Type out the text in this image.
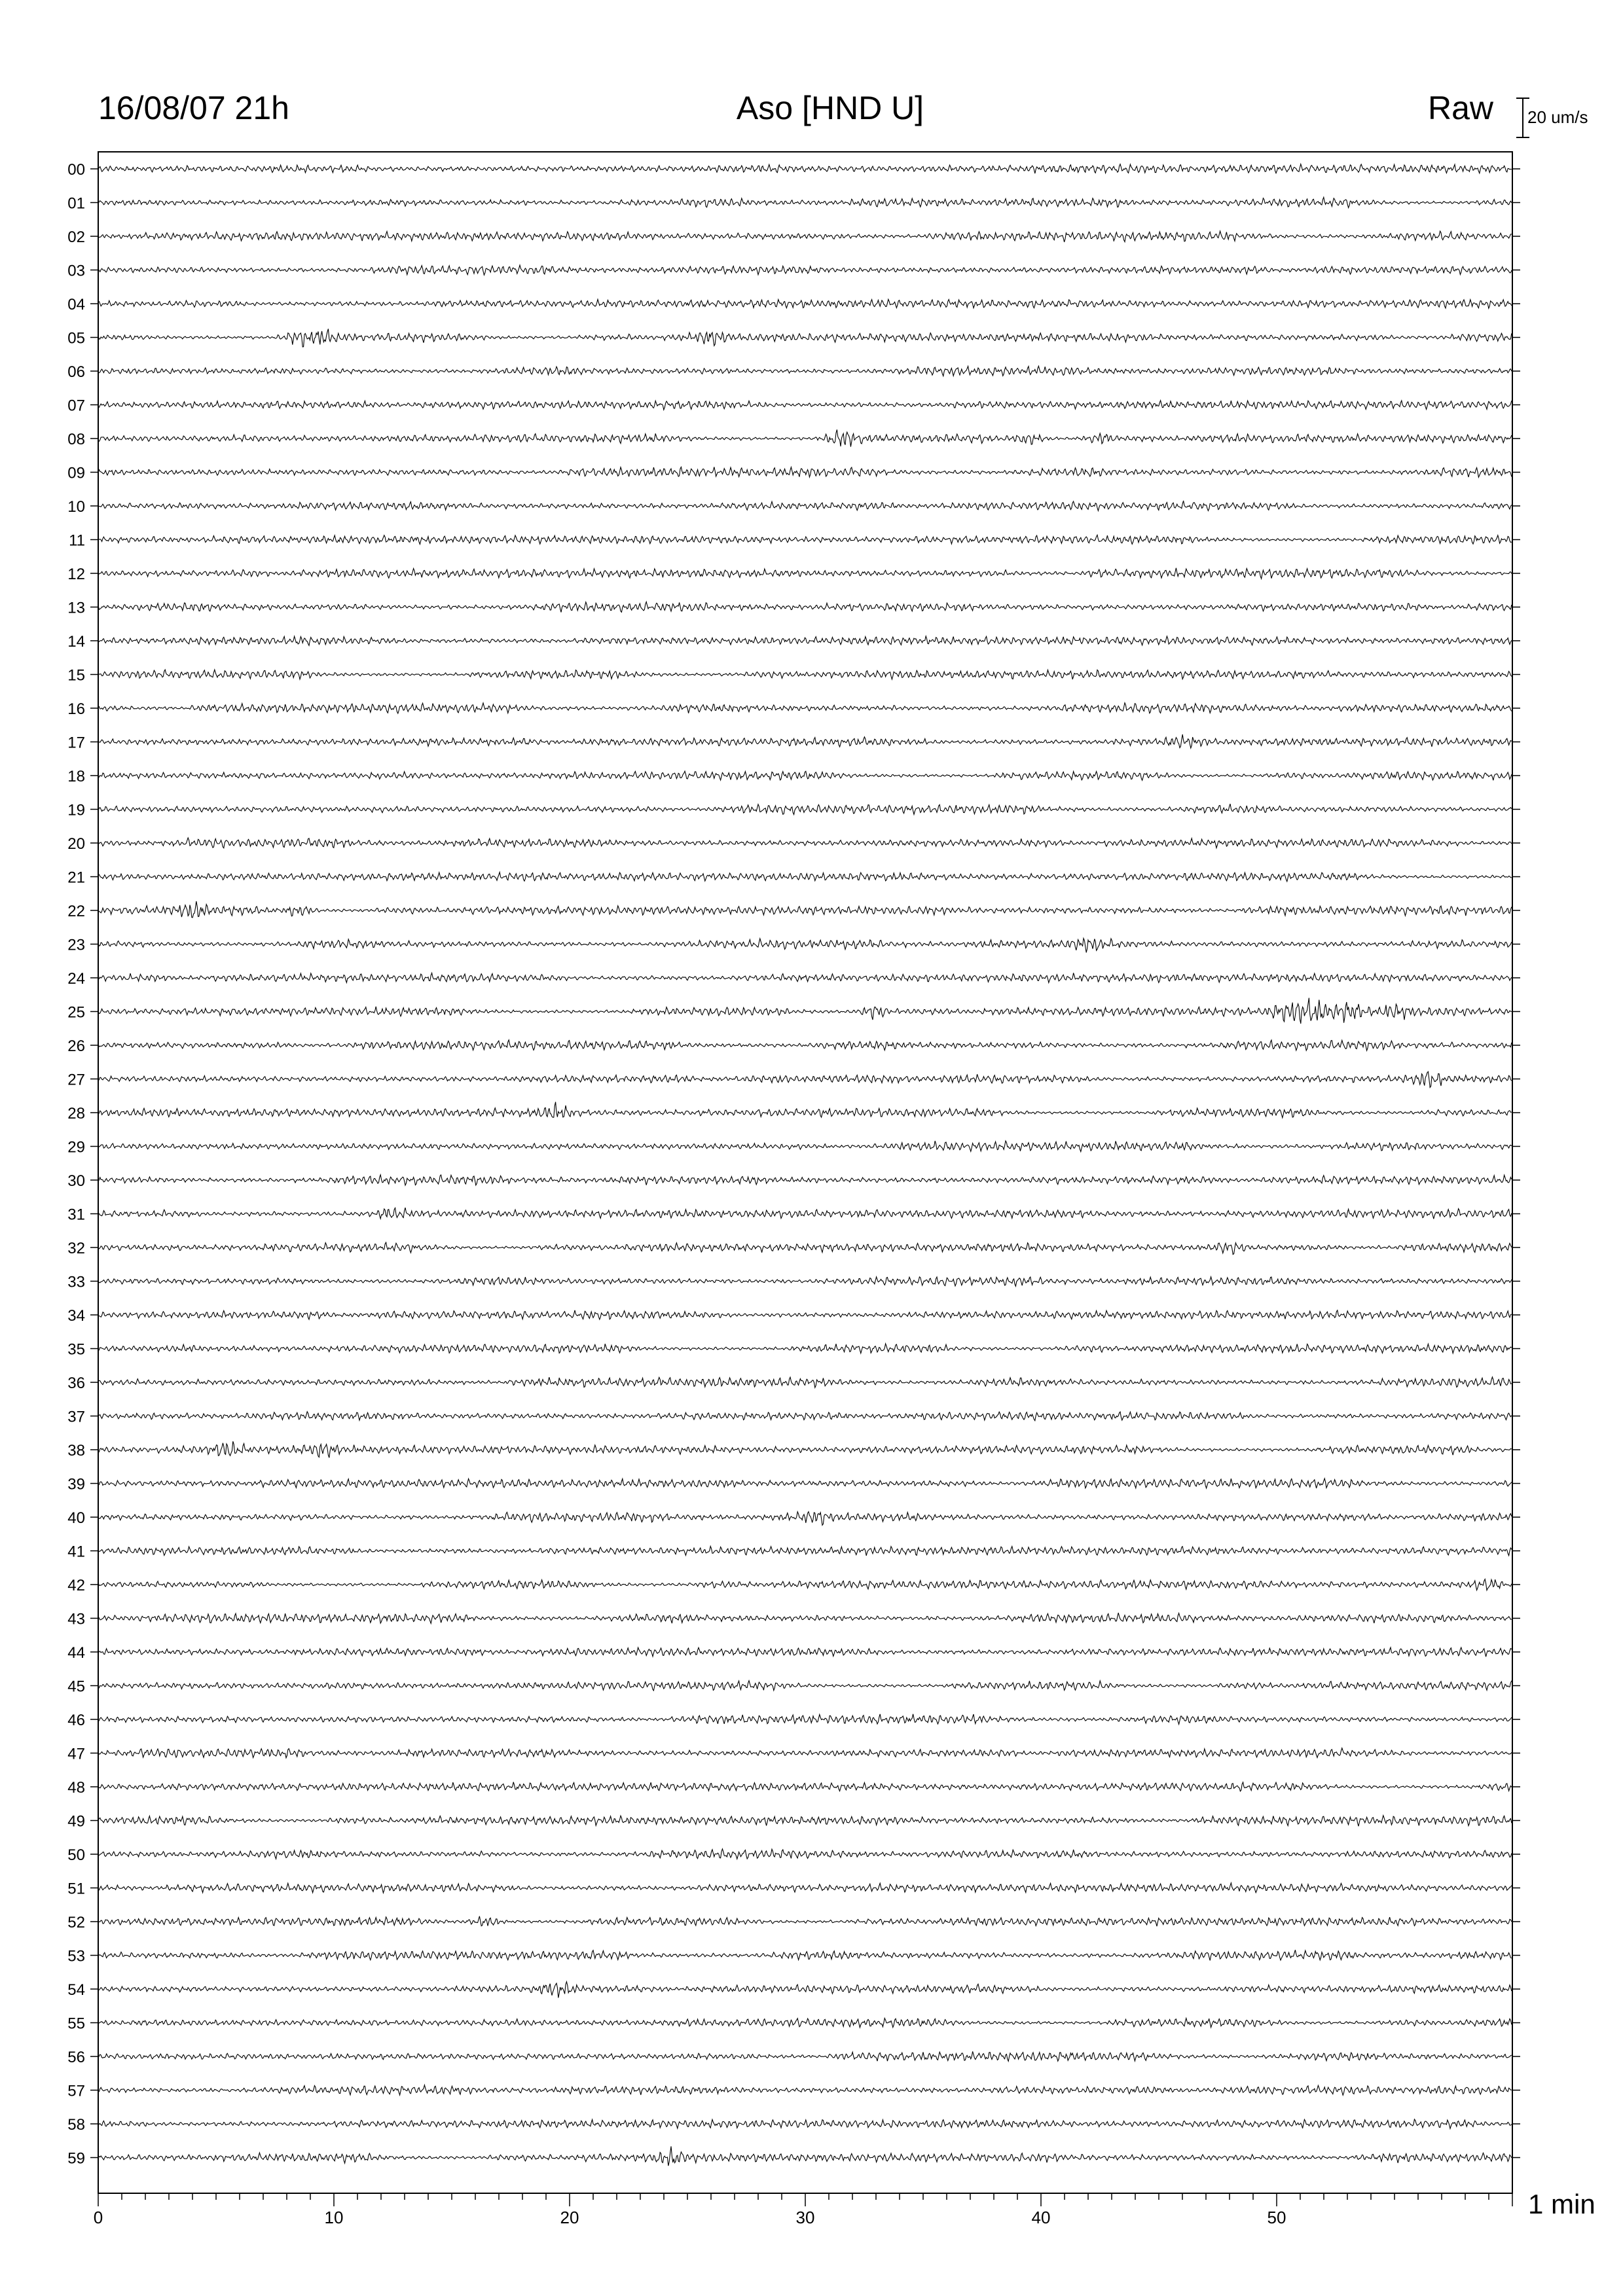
00
01
02
03
04
05
06
07
08
09
10
11
12
13
14
15
16
17
18
19
20
21
22
23
24
25
26
27
28
29
30
31
32
33
34
35
36
37
38
39
40
41
42
43
44
45
46
47
48
49
50
51
52
53
54
55
56
57
58
59
0	10	20	30	40	50
16/08/07 21h	Aso [HND U]	Raw 20 um/s
1 min
